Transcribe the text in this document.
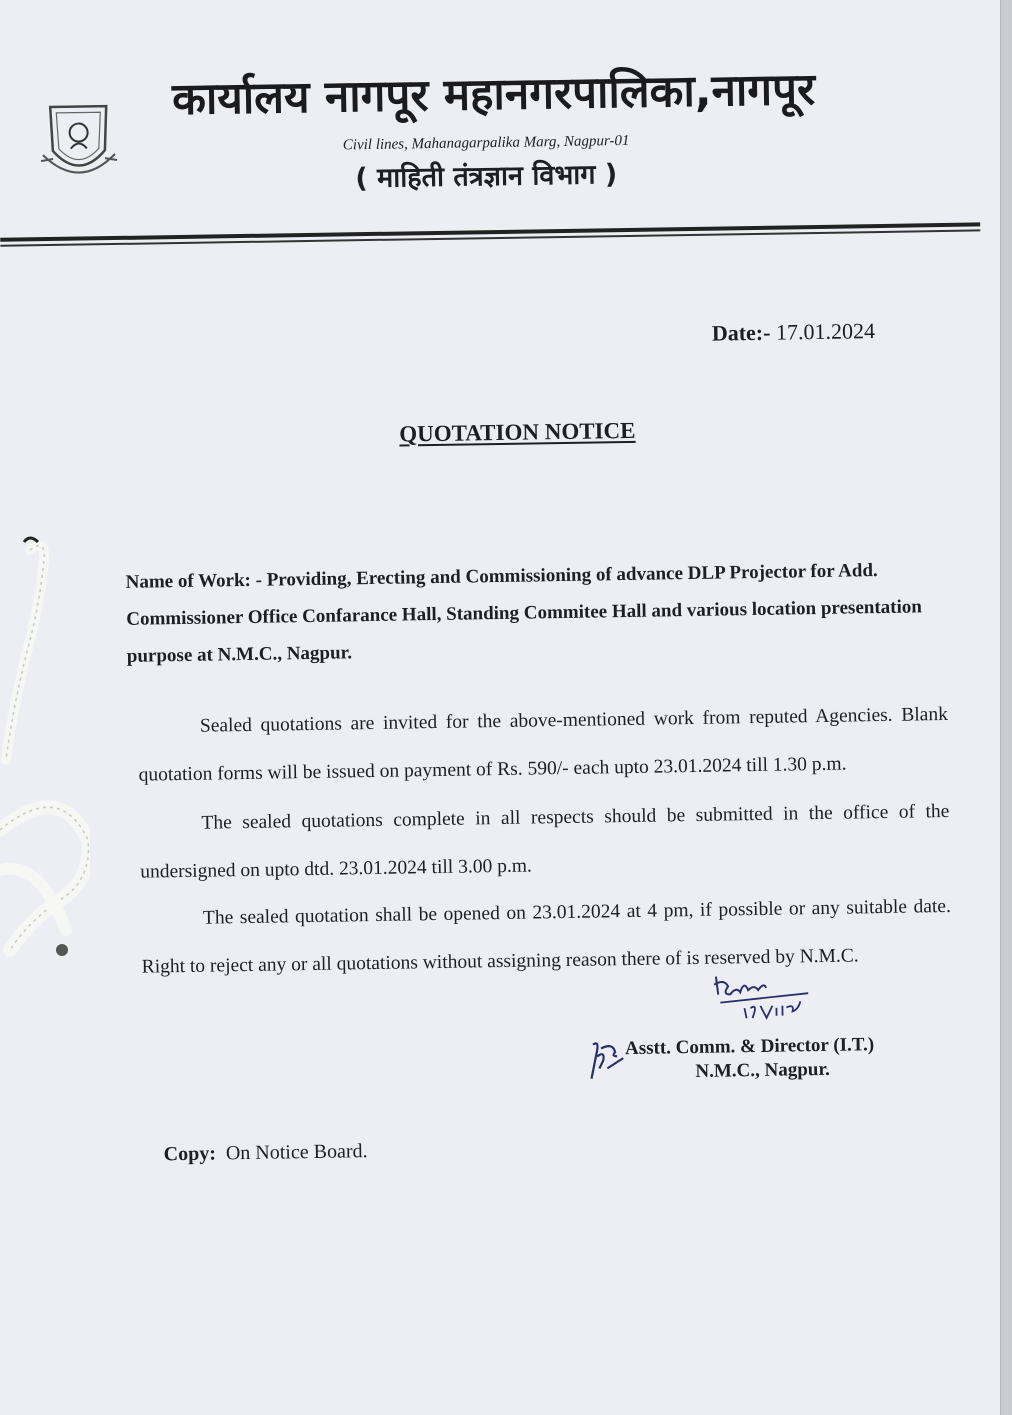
कार्यालय नागपूर महानगरपालिका,नागपूर
Civil lines, Mahanagarpalika Marg, Nagpur-01
( माहिती तंत्रज्ञान विभाग )
Date:- 17.01.2024
QUOTATION NOTICE
Name of Work: - Providing, Erecting and Commissioning of advance DLP Projector for Add. Commissioner Office Confarance Hall, Standing Commitee Hall and various location presentation purpose at N.M.C., Nagpur.
Sealed quotations are invited for the above-mentioned work from reputed Agencies. Blank quotation forms will be issued on payment of Rs. 590/- each upto 23.01.2024 till 1.30 p.m.
The sealed quotations complete in all respects should be submitted in the office of the undersigned on upto dtd. 23.01.2024 till 3.00 p.m.
The sealed quotation shall be opened on 23.01.2024 at 4 pm, if possible or any suitable date. Right to reject any or all quotations without assigning reason there of is reserved by N.M.C.
Asstt. Comm. & Director (I.T.)
N.M.C., Nagpur.
Copy: On Notice Board.
